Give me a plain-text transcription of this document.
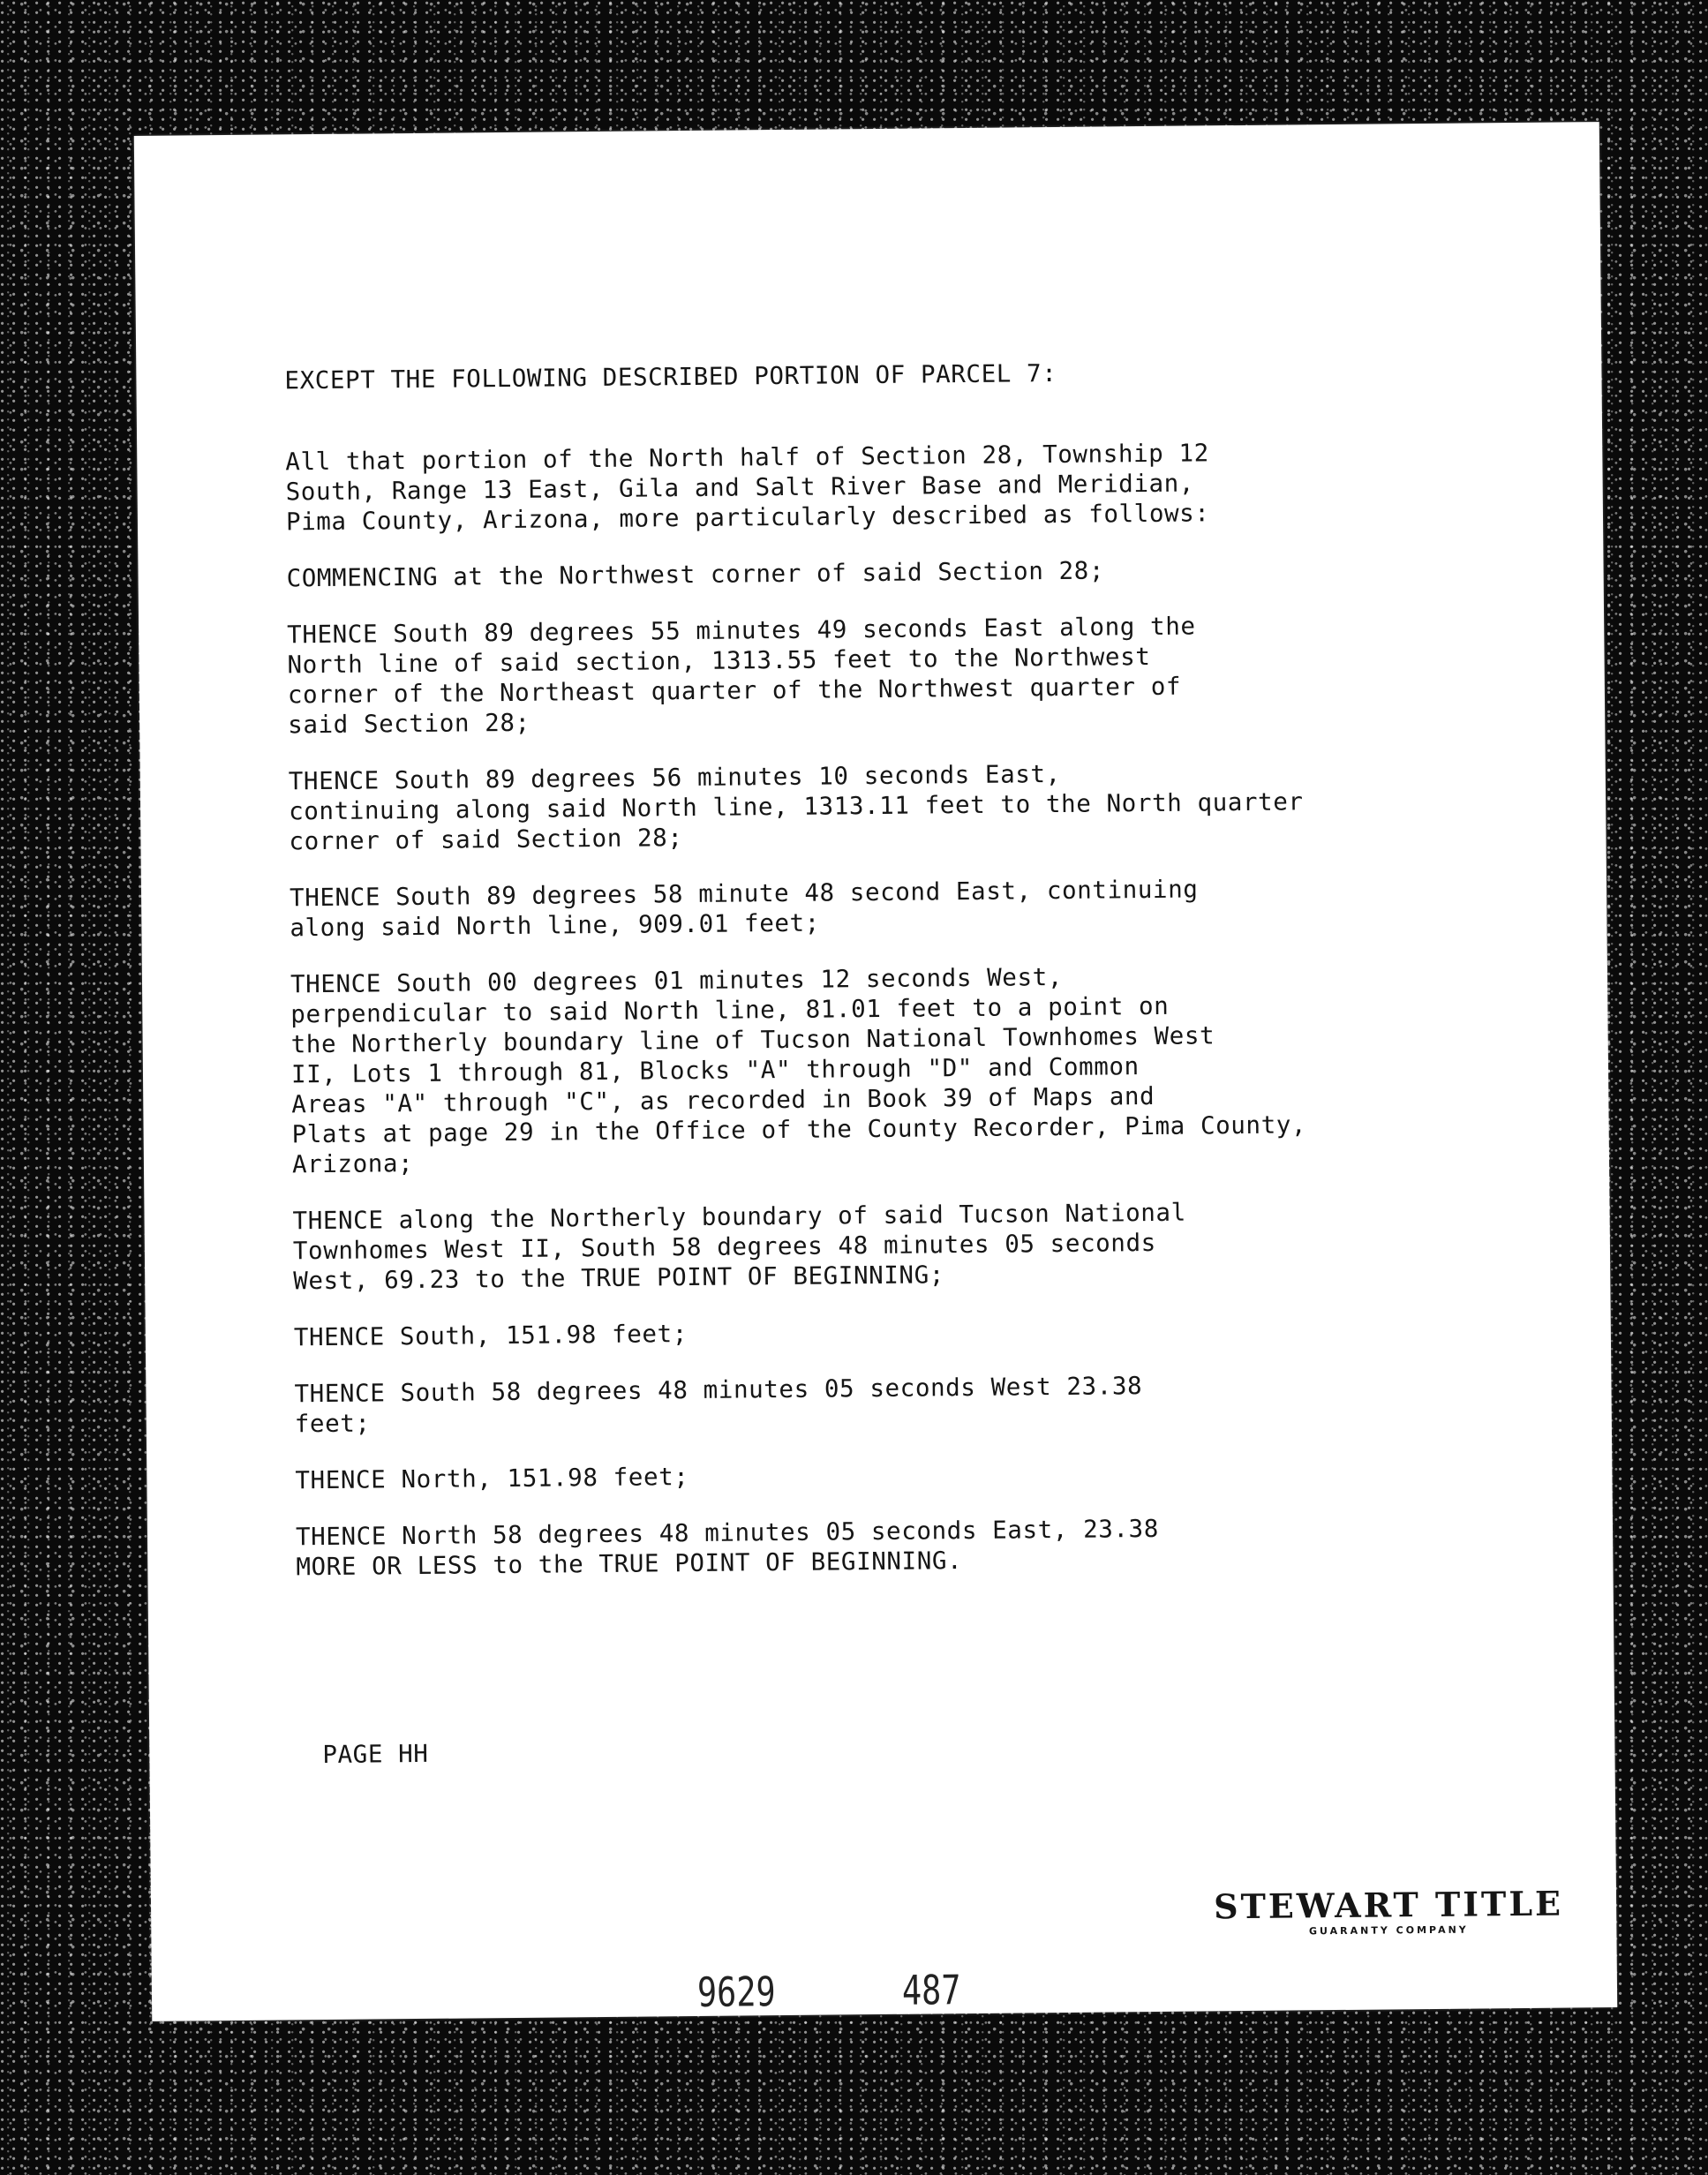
EXCEPT THE FOLLOWING DESCRIBED PORTION OF PARCEL 7:
All that portion of the North half of Section 28, Township 12
South, Range 13 East, Gila and Salt River Base and Meridian,
Pima County, Arizona, more particularly described as follows:
COMMENCING at the Northwest corner of said Section 28;
THENCE South 89 degrees 55 minutes 49 seconds East along the
North line of said section, 1313.55 feet to the Northwest
corner of the Northeast quarter of the Northwest quarter of
said Section 28;
THENCE South 89 degrees 56 minutes 10 seconds East,
continuing along said North line, 1313.11 feet to the North quarter
corner of said Section 28;
THENCE South 89 degrees 58 minute 48 second East, continuing
along said North line, 909.01 feet;
THENCE South 00 degrees 01 minutes 12 seconds West,
perpendicular to said North line, 81.01 feet to a point on
the Northerly boundary line of Tucson National Townhomes West
II, Lots 1 through 81, Blocks "A" through "D" and Common
Areas "A" through "C", as recorded in Book 39 of Maps and
Plats at page 29 in the Office of the County Recorder, Pima County,
Arizona;
THENCE along the Northerly boundary of said Tucson National
Townhomes West II, South 58 degrees 48 minutes 05 seconds
West, 69.23 to the TRUE POINT OF BEGINNING;
THENCE South, 151.98 feet;
THENCE South 58 degrees 48 minutes 05 seconds West 23.38
feet;
THENCE North, 151.98 feet;
THENCE North 58 degrees 48 minutes 05 seconds East, 23.38
MORE OR LESS to the TRUE POINT OF BEGINNING.
PAGE HH
STEWART TITLE
GUARANTY COMPANY
9629	487
